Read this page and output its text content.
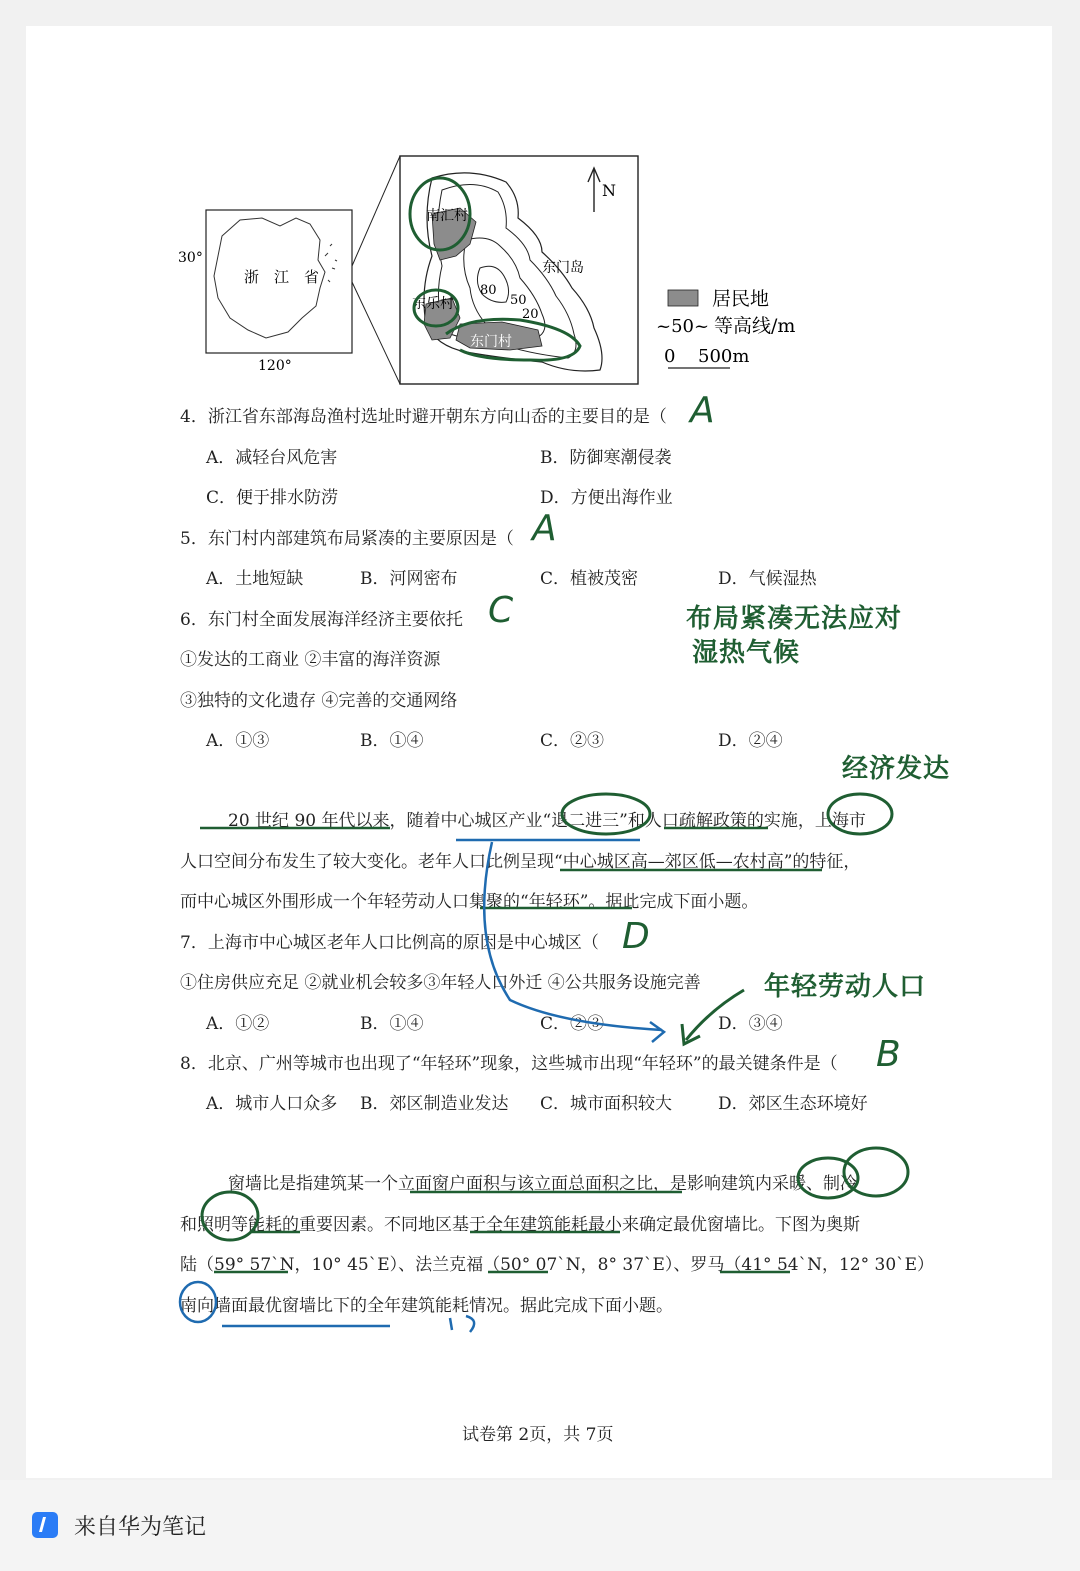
30°
120°
浙　江　省
南汇村
东门岛
东乐村
东门村
80
50
20
N
居民地
~50~ 等高线/m
0 500m
4．浙江省东部海岛渔村选址时避开朝东方向山岙的主要目的是（ A
A．减轻台风危害	B．防御寒潮侵袭
C．便于排水防涝	D．方便出海作业
5．东门村内部建筑布局紧凑的主要原因是（ A
A．土地短缺	B．河网密布	C．植被茂密	D．气候湿热
6．东门村全面发展海洋经济主要依托 C	布局紧凑无法应对
湿热气候
①发达的工商业 ②丰富的海洋资源
③独特的文化遗存 ④完善的交通网络
A．①③	B．①④	C．②③	D．②④
经济发达
20 世纪 90 年代以来，随着中心城区产业“退二进三”和人口疏解政策的实施，上海市
人口空间分布发生了较大变化。老年人口比例呈现“中心城区高—郊区低—农村高”的特征，
而中心城区外围形成一个年轻劳动人口集聚的“年轻环”。据此完成下面小题。
7．上海市中心城区老年人口比例高的原因是中心城区（ D
①住房供应充足 ②就业机会较多③年轻人口外迁 ④公共服务设施完善 年轻劳动人口
A．①②	B．①④	C．②③	D．③④
8．北京、广州等城市也出现了“年轻环”现象，这些城市出现“年轻环”的最关键条件是（ B
A．城市人口众多 B．郊区制造业发达 C．城市面积较大	D．郊区生态环境好
窗墙比是指建筑某一个立面窗户面积与该立面总面积之比，是影响建筑内采暖、制冷
和照明等能耗的重要因素。不同地区基于全年建筑能耗最小来确定最优窗墙比。下图为奥斯
陆（59° 57`N，10° 45`E）、法兰克福（50° 07`N，8° 37`E）、罗马（41° 54`N，12° 30`E）
南向墙面最优窗墙比下的全年建筑能耗情况。据此完成下面小题。
试卷第 2页，共 7页
来自华为笔记
